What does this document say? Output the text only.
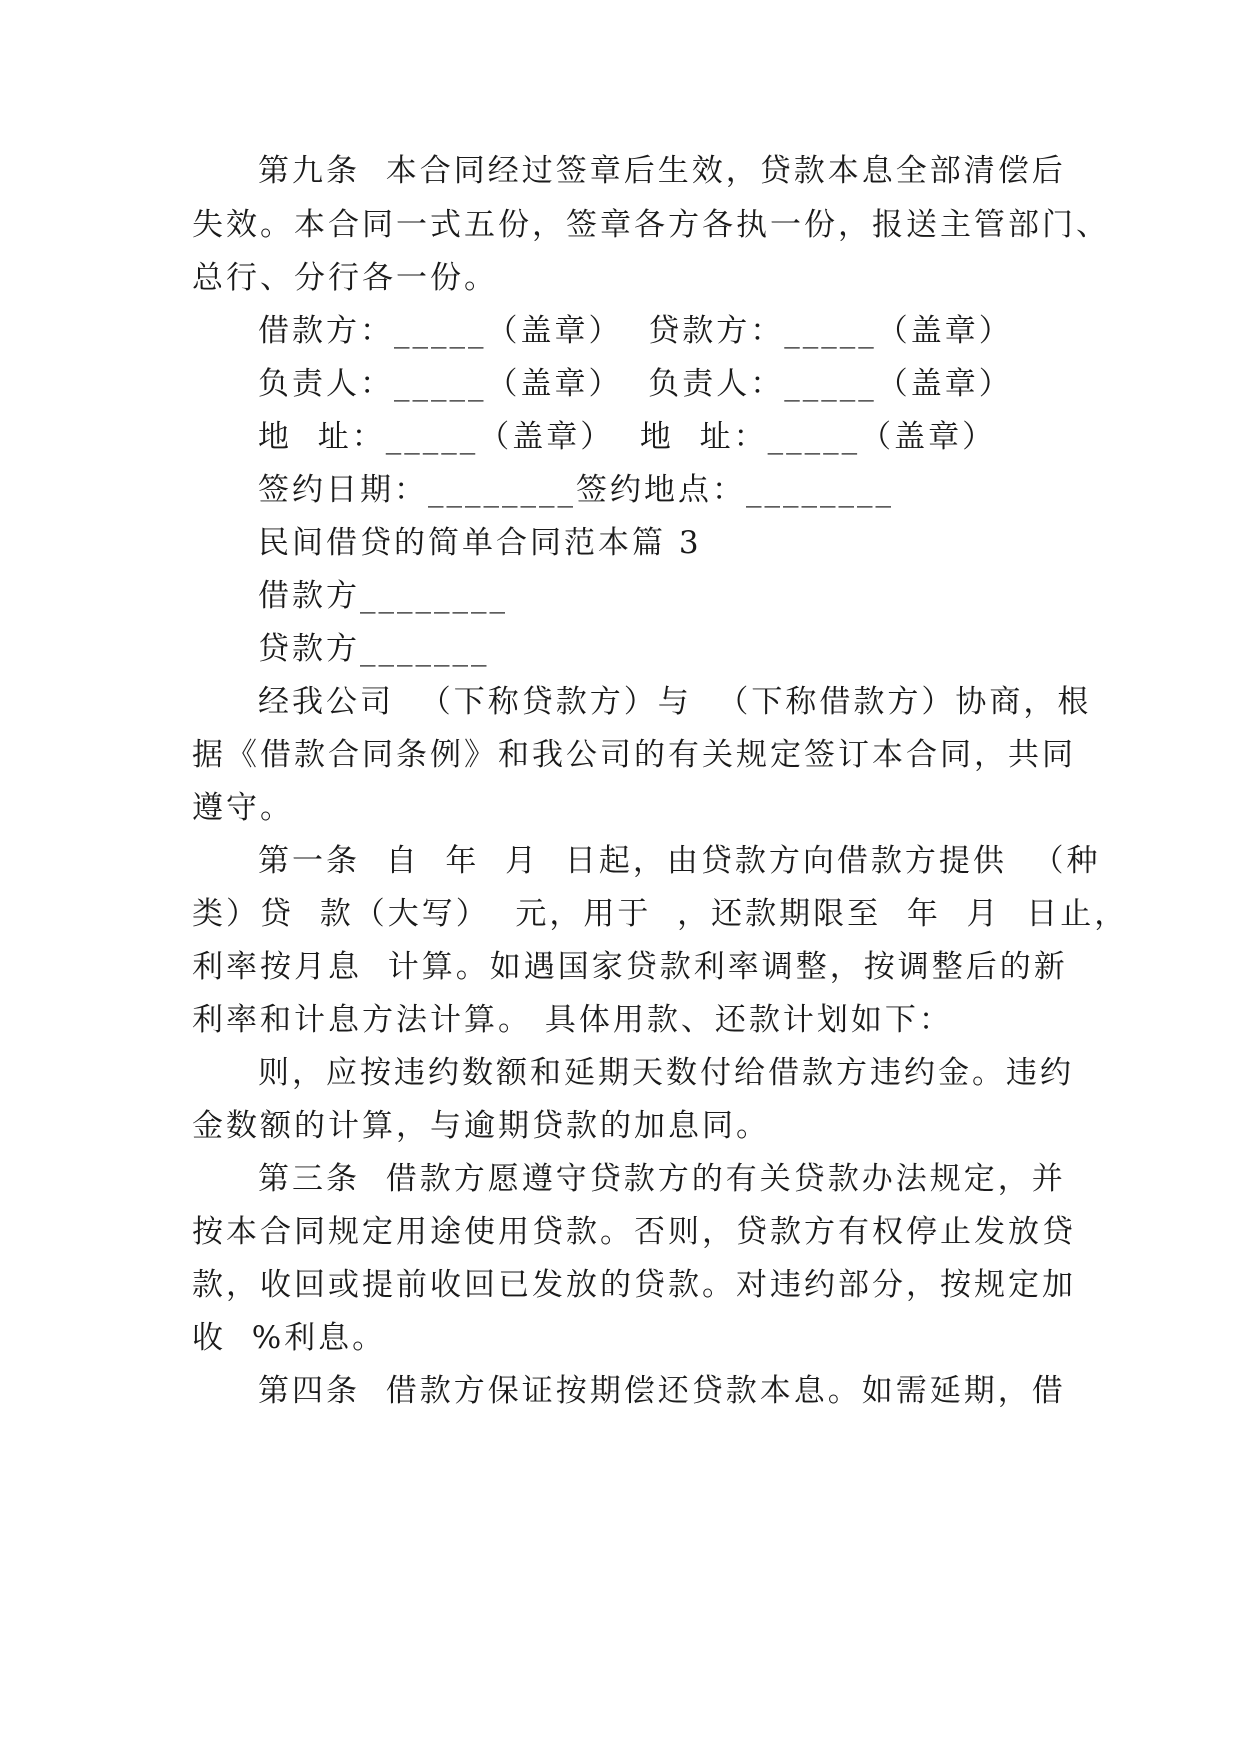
第九条  本合同经过签章后生效，贷款本息全部清偿后
失效。本合同一式五份，签章各方各执一份，报送主管部门、
总行、分行各一份。
借款方：_____（盖章）  贷款方：_____（盖章）
负责人：_____（盖章）  负责人：_____（盖章）
地  址：_____（盖章）  地  址：_____（盖章）
签约日期：________签约地点：________
民间借贷的简单合同范本篇 3
借款方________
贷款方_______
经我公司  （下称贷款方）与  （下称借款方）协商，根
据《借款合同条例》和我公司的有关规定签订本合同，共同
遵守。
第一条  自  年  月  日起，由贷款方向借款方提供  （种
类）贷  款（大写）  元，用于  ，还款期限至  年  月  日止，
利率按月息  计算。如遇国家贷款利率调整，按调整后的新
利率和计息方法计算。 具体用款、还款计划如下：
则，应按违约数额和延期天数付给借款方违约金。违约
金数额的计算，与逾期贷款的加息同。
第三条  借款方愿遵守贷款方的有关贷款办法规定，并
按本合同规定用途使用贷款。否则，贷款方有权停止发放贷
款，收回或提前收回已发放的贷款。对违约部分，按规定加
收  %利息。
第四条  借款方保证按期偿还贷款本息。如需延期，借
